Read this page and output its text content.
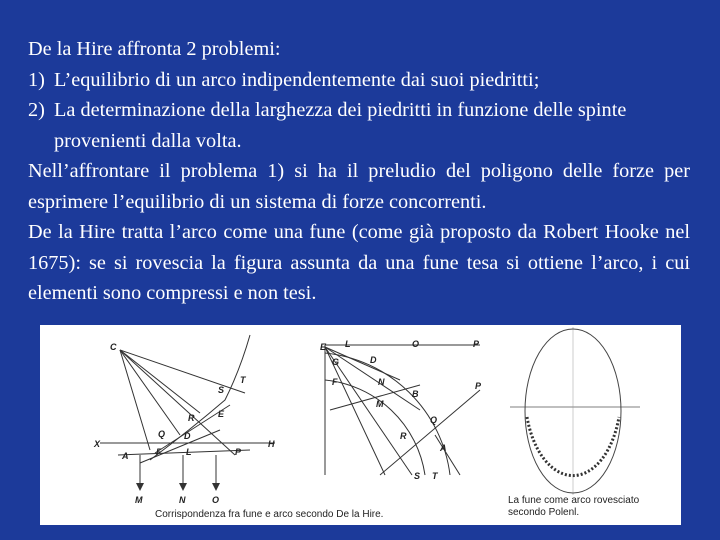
De la Hire affronta 2 problemi:

1) L’equilibrio di un arco indipendentemente dai suoi piedritti;
2) La determinazione della larghezza dei piedritti in funzione delle spinte provenienti dalla volta.

Nell’affrontare il problema 1) si ha il preludio del poligono delle forze per esprimere l’equilibrio di un sistema di forze concorrenti.

De la Hire tratta l’arco come una fune (come già proposto da Robert Hooke nel 1675): se si rovescia la figura assunta da una fune tesa si ottiene l’arco, i cui elementi sono compressi e non tesi.

C
S
T
R	E
Q D
X	H
A	F	L	P
M	N	O
E L	O	P
G	D
F	N
M
P
B
Q
R
A
S T
La fune come arco rovesciato
secondo Polenl.
Corrispondenza fra fune e arco secondo De la Hire.
